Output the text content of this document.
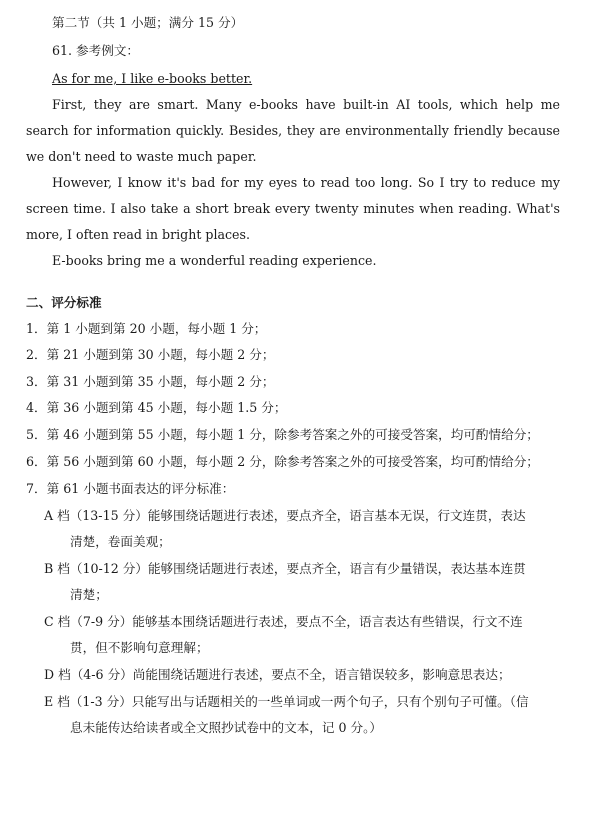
第二节（共 1 小题；满分 15 分）
61. 参考例文：
As for me, I like e-books better.

First, they are smart. Many e‑books have built‑in AI tools, which help me search for information quickly. Besides, they are environmentally friendly because we don't need to waste much paper.

However, I know it's bad for my eyes to read too long. So I try to reduce my screen time. I also take a short break every twenty minutes when reading. What's more, I often read in bright places.

E-books bring me a wonderful reading experience.

二、评分标准
1．第 1 小题到第 20 小题，每小题 1 分；
2．第 21 小题到第 30 小题，每小题 2 分；
3．第 31 小题到第 35 小题，每小题 2 分；
4．第 36 小题到第 45 小题，每小题 1.5 分；
5．第 46 小题到第 55 小题，每小题 1 分，除参考答案之外的可接受答案，均可酌情给分；
6．第 56 小题到第 60 小题，每小题 2 分，除参考答案之外的可接受答案，均可酌情给分；
7．第 61 小题书面表达的评分标准：
A 档（13-15 分）能够围绕话题进行表述，要点齐全，语言基本无误，行文连贯，表达
清楚，卷面美观；
B 档（10-12 分）能够围绕话题进行表述，要点齐全，语言有少量错误，表达基本连贯
清楚；
C 档（7-9 分）能够基本围绕话题进行表述，要点不全，语言表达有些错误，行文不连
贯，但不影响句意理解；
D 档（4-6 分）尚能围绕话题进行表述，要点不全，语言错误较多，影响意思表达；
E 档（1-3 分）只能写出与话题相关的一些单词或一两个句子，只有个别句子可懂。（信
息未能传达给读者或全文照抄试卷中的文本，记 0 分。）
